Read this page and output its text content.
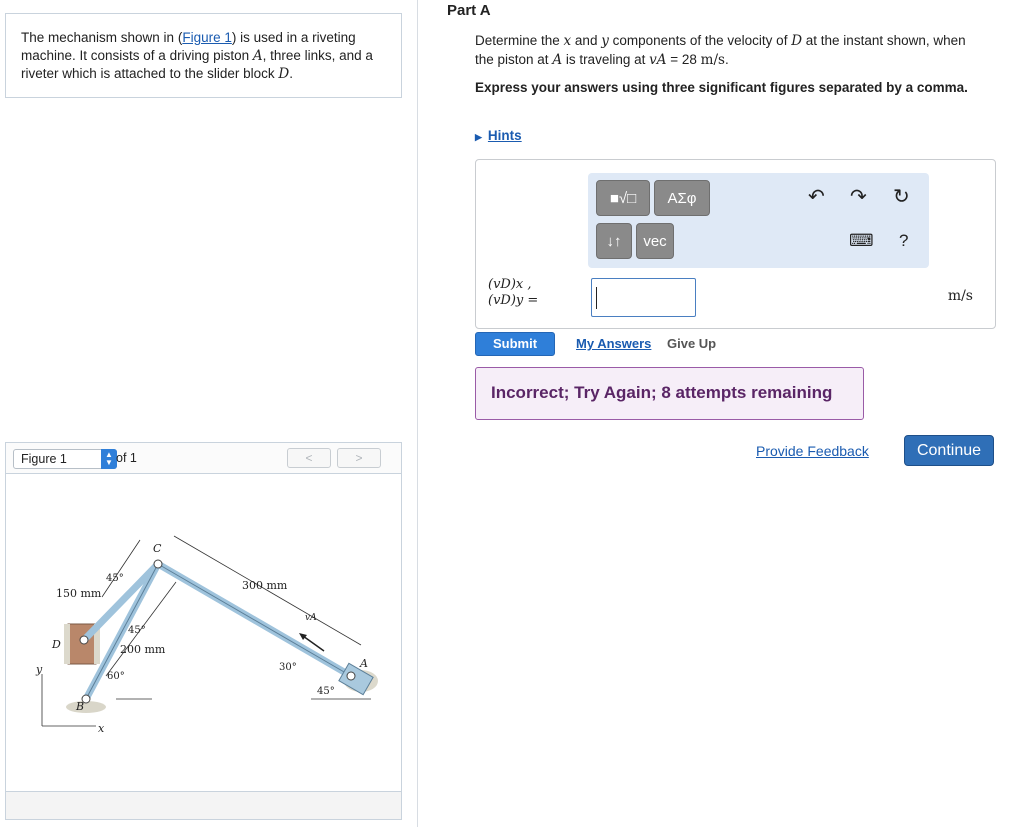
The mechanism shown in (Figure 1) is used in a riveting machine. It consists of a driving piston A, three links, and a riveter which is attached to the slider block D.
Figure 1	▲
▼ of 1	<	>
C
D
B
A
vA
y
x
150 mm
200 mm
300 mm
45°
45°
60°
30°
45°
Part A
Determine the x and y components of the velocity of D at the instant shown, when the piston at A is traveling at vA = 28 m/s.
Express your answers using three significant figures separated by a comma.
▶ Hints
■√□	ΑΣφ
↓↑	vec
↶ ↷ ↻
⌨ ?
(vD)x ,
(vD)y =	m/s
Submit	My Answers Give Up
Incorrect; Try Again; 8 attempts remaining
Provide Feedback	Continue
